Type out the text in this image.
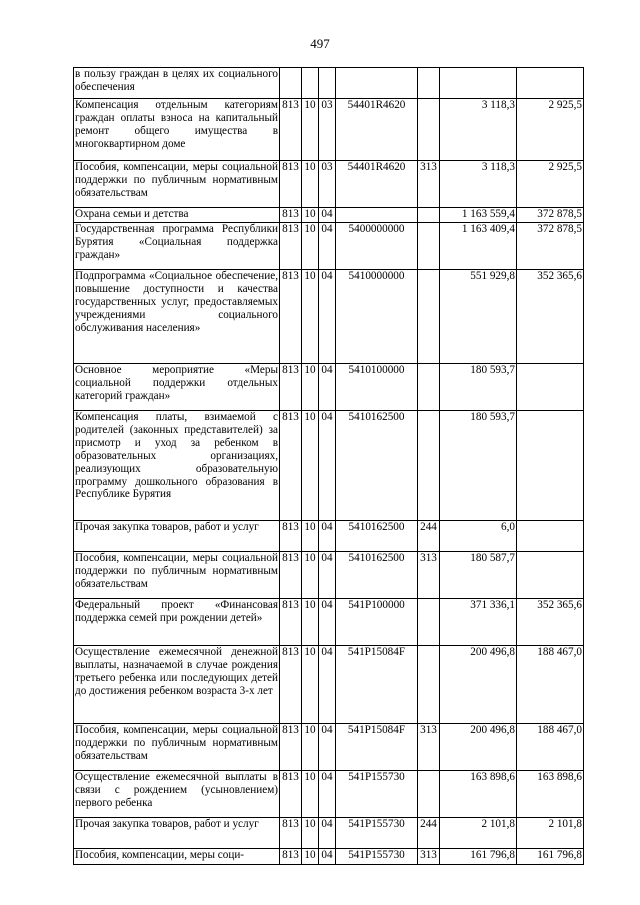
497
в пользу граждан в целях их социального обеспечения							
Компенсация отдельным категориям граждан оплаты взноса на капитальный ремонт общего имущества в многоквартирном доме	813	10	03	54401R4620		3 118,3	2 925,5
Пособия, компенсации, меры социальной поддержки по публичным нормативным обязательствам	813	10	03	54401R4620	313	3 118,3	2 925,5
Охрана семьи и детства	813	10	04			1 163 559,4	372 878,5
Государственная программа Республики Бурятия «Социальная поддержка граждан»	813	10	04	5400000000		1 163 409,4	372 878,5
Подпрограмма «Социальное обеспечение, повышение доступности и качества государственных услуг, предоставляемых учреждениями социального обслуживания населения»	813	10	04	5410000000		551 929,8	352 365,6
Основное мероприятие «Меры социальной поддержки отдельных категорий граждан»	813	10	04	5410100000		180 593,7	
Компенсация платы, взимаемой с родителей (законных представителей) за присмотр и уход за ребенком в образовательных организациях, реализующих образовательную программу дошкольного образования в Республике Бурятия	813	10	04	5410162500		180 593,7	
Прочая закупка товаров, работ и услуг	813	10	04	5410162500	244	6,0	
Пособия, компенсации, меры социальной поддержки по публичным нормативным обязательствам	813	10	04	5410162500	313	180 587,7	
Федеральный проект «Финансовая поддержка семей при рождении детей»	813	10	04	541P100000		371 336,1	352 365,6
Осуществление ежемесячной денежной выплаты, назначаемой в случае рождения третьего ребенка или последующих детей до достижения ребенком возраста 3-х лет	813	10	04	541P15084F		200 496,8	188 467,0
Пособия, компенсации, меры социальной поддержки по публичным нормативным обязательствам	813	10	04	541P15084F	313	200 496,8	188 467,0
Осуществление ежемесячной выплаты в связи с рождением (усыновлением) первого ребенка	813	10	04	541P155730		163 898,6	163 898,6
Прочая закупка товаров, работ и услуг	813	10	04	541P155730	244	2 101,8	2 101,8
Пособия, компенсации, меры соци-	813	10	04	541P155730	313	161 796,8	161 796,8
